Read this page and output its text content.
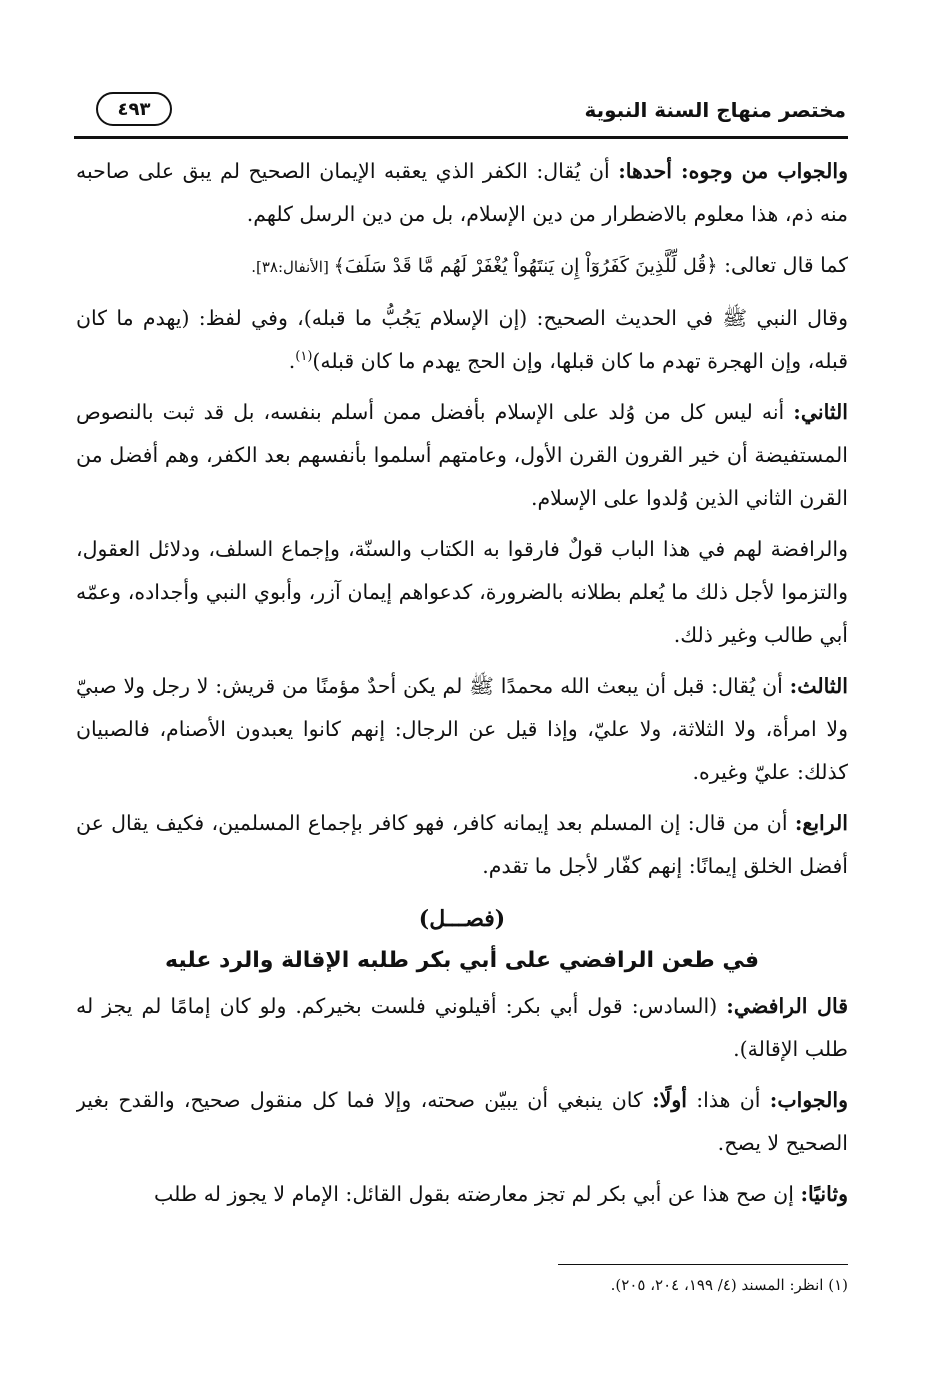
مختصر منهاج السنة النبوية
٤٩٣

والجواب من وجوه: أحدها: أن يُقال: الكفر الذي يعقبه الإيمان الصحيح لم يبق على صاحبه منه ذم، هذا معلوم بالاضطرار من دين الإسلام، بل من دين الرسل كلهم.

كما قال تعالى: ﴿قُل لِّلَّذِينَ كَفَرُوٓاْ إِن يَنتَهُواْ يُغْفَرْ لَهُم مَّا قَدْ سَلَفَ﴾ [الأنفال:٣٨].

وقال النبي ﷺ في الحديث الصحيح: (إن الإسلام يَجُبُّ ما قبله)، وفي لفظ: (يهدم ما كان قبله، وإن الهجرة تهدم ما كان قبلها، وإن الحج يهدم ما كان قبله)$^{(١)}$.

الثاني: أنه ليس كل من وُلد على الإسلام بأفضل ممن أسلم بنفسه، بل قد ثبت بالنصوص المستفيضة أن خير القرون القرن الأول، وعامتهم أسلموا بأنفسهم بعد الكفر، وهم أفضل من القرن الثاني الذين وُلدوا على الإسلام.

والرافضة لهم في هذا الباب قولٌ فارقوا به الكتاب والسنّة، وإجماع السلف، ودلائل العقول، والتزموا لأجل ذلك ما يُعلم بطلانه بالضرورة، كدعواهم إيمان آزر، وأبوي النبي وأجداده، وعمّه أبي طالب وغير ذلك.

الثالث: أن يُقال: قبل أن يبعث الله محمدًا ﷺ لم يكن أحدٌ مؤمنًا من قريش: لا رجل ولا صبيّ ولا امرأة، ولا الثلاثة، ولا عليّ، وإذا قيل عن الرجال: إنهم كانوا يعبدون الأصنام، فالصبيان كذلك: عليّ وغيره.

الرابع: أن من قال: إن المسلم بعد إيمانه كافر، فهو كافر بإجماع المسلمين، فكيف يقال عن أفضل الخلق إيمانًا: إنهم كفّار لأجل ما تقدم.

(فصـــل)
في طعن الرافضي على أبي بكر طلبه الإقالة والرد عليه

قال الرافضي: (السادس: قول أبي بكر: أقيلوني فلست بخيركم. ولو كان إمامًا لم يجز له طلب الإقالة).

والجواب: أن هذا: أولًا: كان ينبغي أن يبيّن صحته، وإلا فما كل منقول صحيح، والقدح بغير الصحيح لا يصح.

وثانيًا: إن صح هذا عن أبي بكر لم تجز معارضته بقول القائل: الإمام لا يجوز له طلب

(١) انظر: المسند (٤/ ١٩٩، ٢٠٤، ٢٠٥).
